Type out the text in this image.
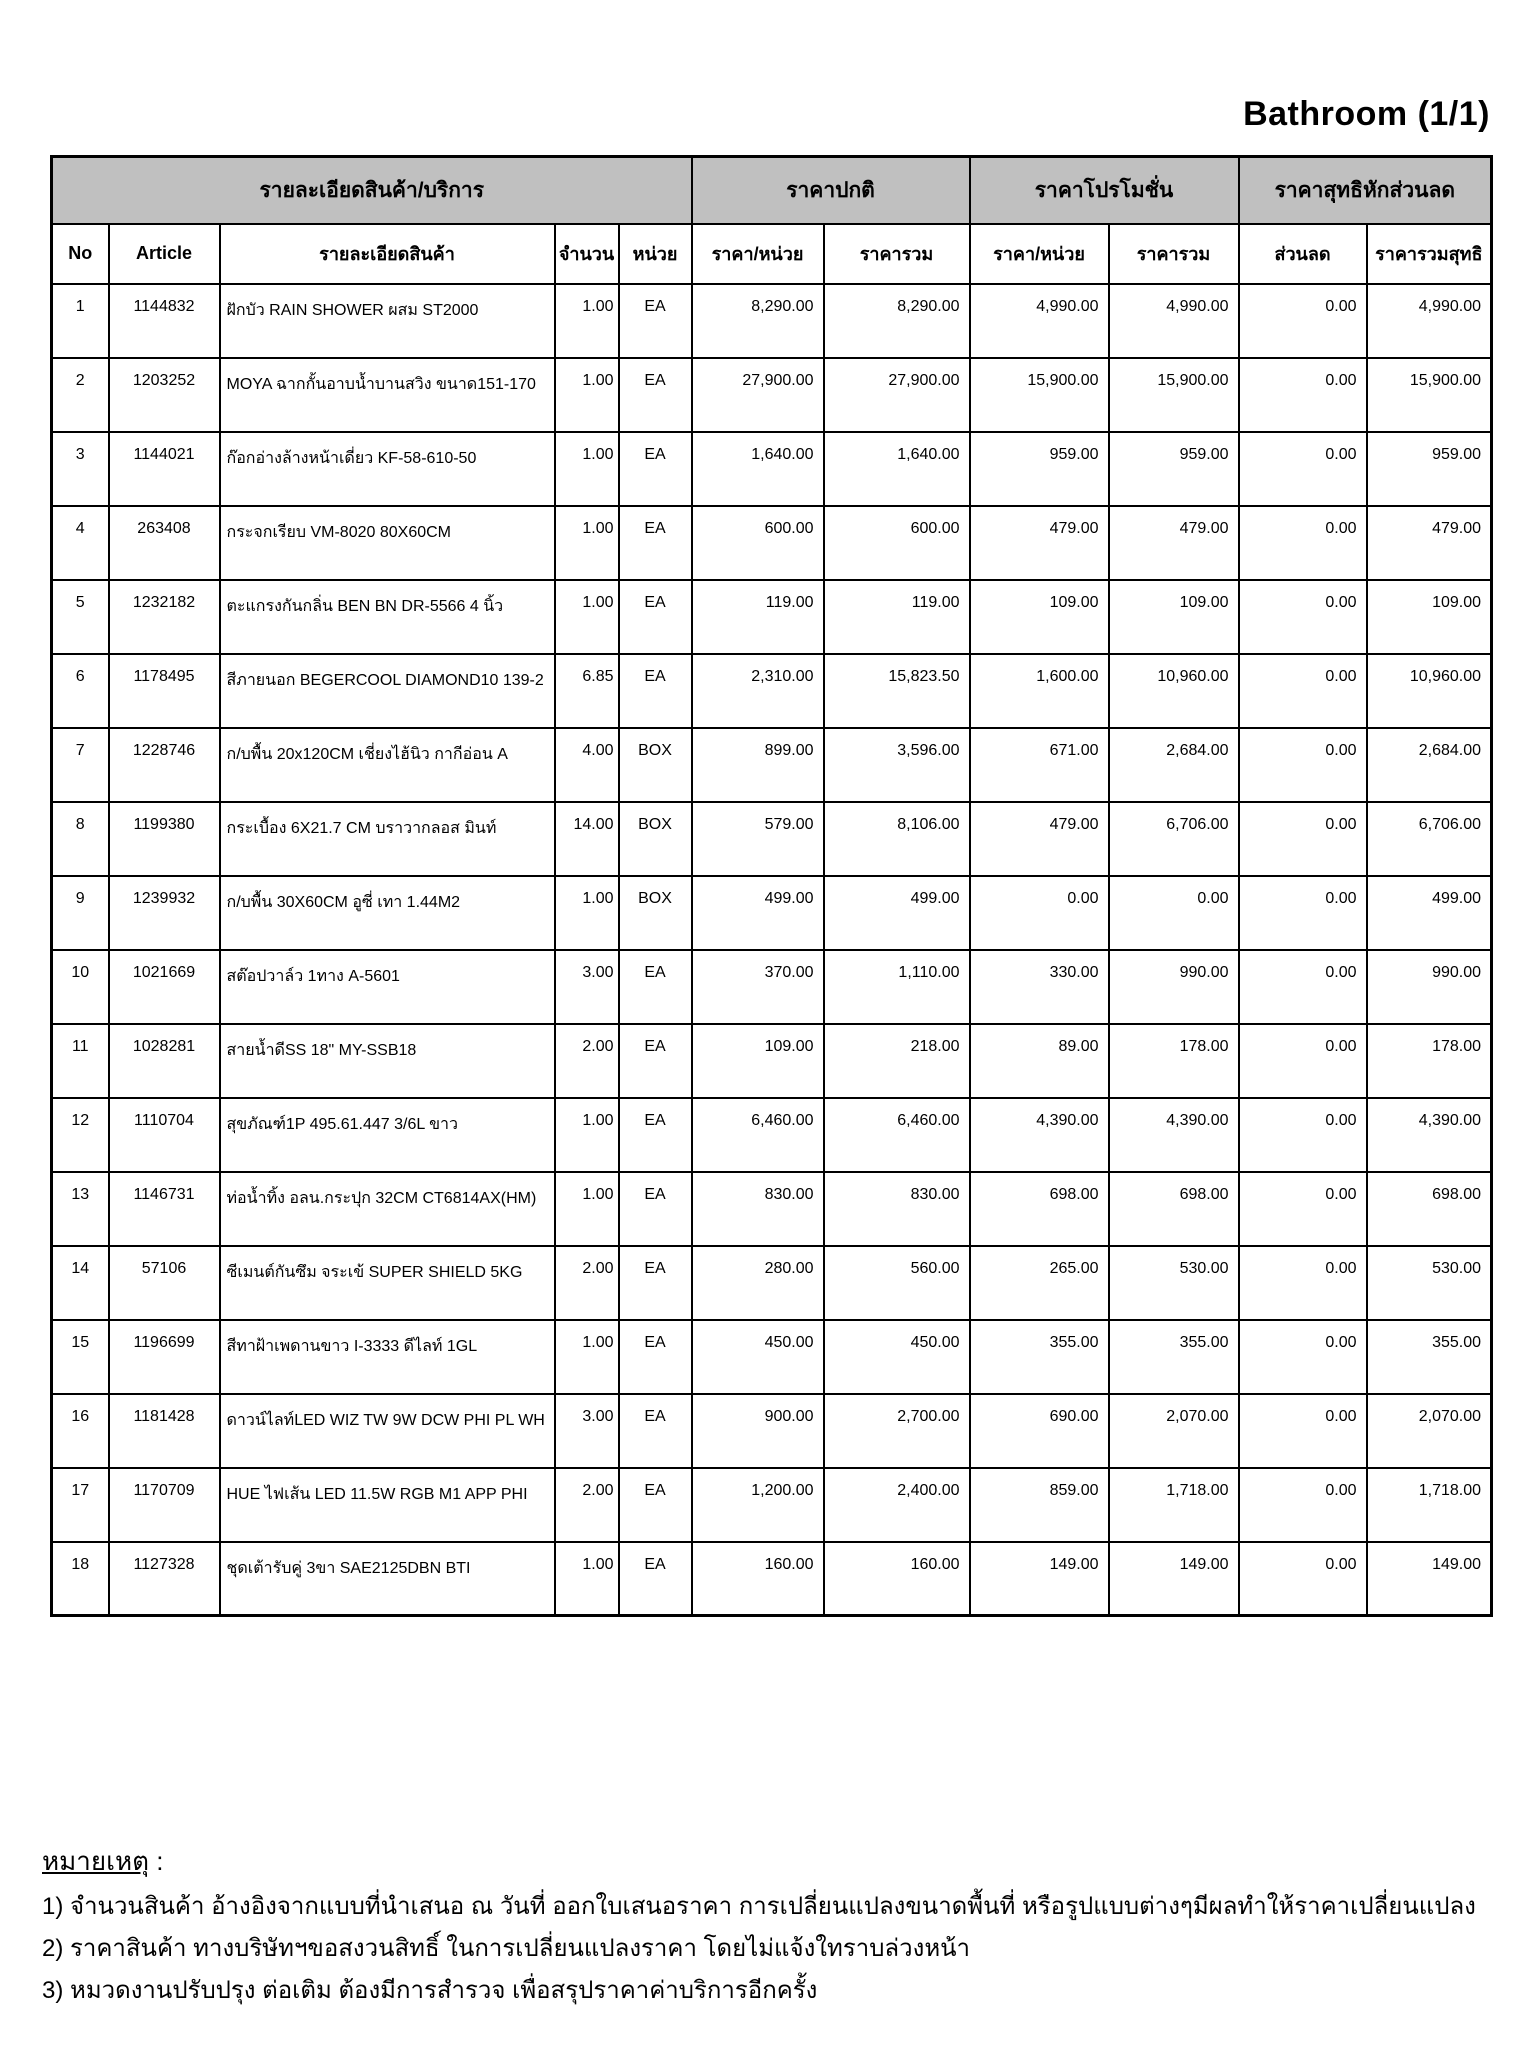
Bathroom (1/1)
รายละเอียดสินค้า/บริการ					ราคาปกติ		ราคาโปรโมชั่น		ราคาสุทธิหักส่วนลด	
No	Article	รายละเอียดสินค้า	จำนวน	หน่วย	ราคา/หน่วย	ราคารวม	ราคา/หน่วย	ราคารวม	ส่วนลด	ราคารวมสุทธิ
1	1144832	ฝักบัว RAIN SHOWER ผสม ST2000	1.00	EA	8,290.00	8,290.00	4,990.00	4,990.00	0.00	4,990.00
2	1203252	MOYA ฉากกั้นอาบน้ำบานสวิง ขนาด151-170	1.00	EA	27,900.00	27,900.00	15,900.00	15,900.00	0.00	15,900.00
3	1144021	ก๊อกอ่างล้างหน้าเดี่ยว KF-58-610-50	1.00	EA	1,640.00	1,640.00	959.00	959.00	0.00	959.00
4	263408	กระจกเรียบ VM-8020 80X60CM	1.00	EA	600.00	600.00	479.00	479.00	0.00	479.00
5	1232182	ตะแกรงกันกลิ่น BEN BN DR-5566 4 นิ้ว	1.00	EA	119.00	119.00	109.00	109.00	0.00	109.00
6	1178495	สีภายนอก BEGERCOOL DIAMOND10 139-2	6.85	EA	2,310.00	15,823.50	1,600.00	10,960.00	0.00	10,960.00
7	1228746	ก/บพื้น 20x120CM เชี่ยงไฮ้นิว กากีอ่อน A	4.00	BOX	899.00	3,596.00	671.00	2,684.00	0.00	2,684.00
8	1199380	กระเบื้อง 6X21.7 CM บราวากลอส มินท์	14.00	BOX	579.00	8,106.00	479.00	6,706.00	0.00	6,706.00
9	1239932	ก/บพื้น 30X60CM อูซี่ เทา 1.44M2	1.00	BOX	499.00	499.00	0.00	0.00	0.00	499.00
10	1021669	สต๊อปวาล์ว 1ทาง A-5601	3.00	EA	370.00	1,110.00	330.00	990.00	0.00	990.00
11	1028281	สายน้ำดีSS 18" MY-SSB18	2.00	EA	109.00	218.00	89.00	178.00	0.00	178.00
12	1110704	สุขภัณฑ์1P 495.61.447 3/6L ขาว	1.00	EA	6,460.00	6,460.00	4,390.00	4,390.00	0.00	4,390.00
13	1146731	ท่อน้ำทิ้ง อลน.กระปุก 32CM CT6814AX(HM)	1.00	EA	830.00	830.00	698.00	698.00	0.00	698.00
14	57106	ซีเมนต์กันซึม จระเข้ SUPER SHIELD 5KG	2.00	EA	280.00	560.00	265.00	530.00	0.00	530.00
15	1196699	สีทาฝ้าเพดานขาว I-3333 ดีไลท์ 1GL	1.00	EA	450.00	450.00	355.00	355.00	0.00	355.00
16	1181428	ดาวน์ไลท์LED WIZ TW 9W DCW PHI PL WH	3.00	EA	900.00	2,700.00	690.00	2,070.00	0.00	2,070.00
17	1170709	HUE ไฟเส้น LED 11.5W RGB M1 APP PHI	2.00	EA	1,200.00	2,400.00	859.00	1,718.00	0.00	1,718.00
18	1127328	ชุดเต้ารับคู่ 3ขา SAE2125DBN BTI	1.00	EA	160.00	160.00	149.00	149.00	0.00	149.00
หมายเหตุ :
1) จำนวนสินค้า อ้างอิงจากแบบที่นำเสนอ ณ วันที่ ออกใบเสนอราคา การเปลี่ยนแปลงขนาดพื้นที่ หรือรูปแบบต่างๆมีผลทำให้ราคาเปลี่ยนแปลง
2) ราคาสินค้า ทางบริษัทฯขอสงวนสิทธิ์ ในการเปลี่ยนแปลงราคา โดยไม่แจ้งใทราบล่วงหน้า
3) หมวดงานปรับปรุง ต่อเติม ต้องมีการสำรวจ เพื่อสรุปราคาค่าบริการอีกครั้ง
